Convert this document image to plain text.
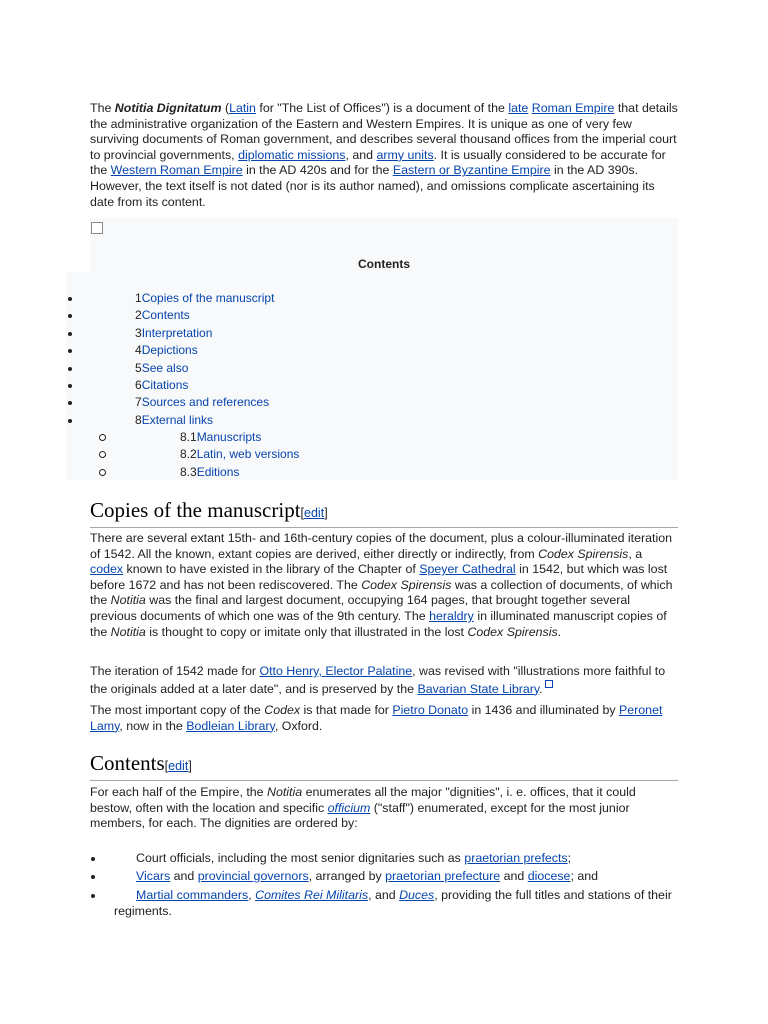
The Notitia Dignitatum (Latin for "The List of Offices") is a document of the late Roman Empire that details the administrative organization of the Eastern and Western Empires. It is unique as one of very few surviving documents of Roman government, and describes several thousand offices from the imperial court to provincial governments, diplomatic missions, and army units. It is usually considered to be accurate for the Western Roman Empire in the AD 420s and for the Eastern or Byzantine Empire in the AD 390s. However, the text itself is not dated (nor is its author named), and omissions complicate ascertaining its date from its content.

Contents
Copies of the manuscript[edit]

There are several extant 15th- and 16th-century copies of the document, plus a colour-illuminated iteration of 1542. All the known, extant copies are derived, either directly or indirectly, from Codex Spirensis, a codex known to have existed in the library of the Chapter of Speyer Cathedral in 1542, but which was lost before 1672 and has not been rediscovered. The Codex Spirensis was a collection of documents, of which the Notitia was the final and largest document, occupying 164 pages, that brought together several previous documents of which one was of the 9th century. The heraldry in illuminated manuscript copies of the Notitia is thought to copy or imitate only that illustrated in the lost Codex Spirensis.

The iteration of 1542 made for Otto Henry, Elector Palatine, was revised with "illustrations more faithful to the originals added at a later date", and is preserved by the Bavarian State Library.

The most important copy of the Codex is that made for Pietro Donato in 1436 and illuminated by Peronet Lamy, now in the Bodleian Library, Oxford.

Contents[edit]

For each half of the Empire, the Notitia enumerates all the major "dignities", i. e. offices, that it could bestow, often with the location and specific officium ("staff") enumerated, except for the most junior members, for each. The dignities are ordered by:

Court officials, including the most senior dignitaries such as praetorian prefects;
Vicars and provincial governors, arranged by praetorian prefecture and diocese; and
Martial commanders, Comites Rei Militaris, and Duces, providing the full titles and stations of their regiments.
1Copies of the manuscript
2Contents
3Interpretation
4Depictions
5See also
6Citations
7Sources and references
8External links
8.1Manuscripts
8.2Latin, web versions
8.3Editions
